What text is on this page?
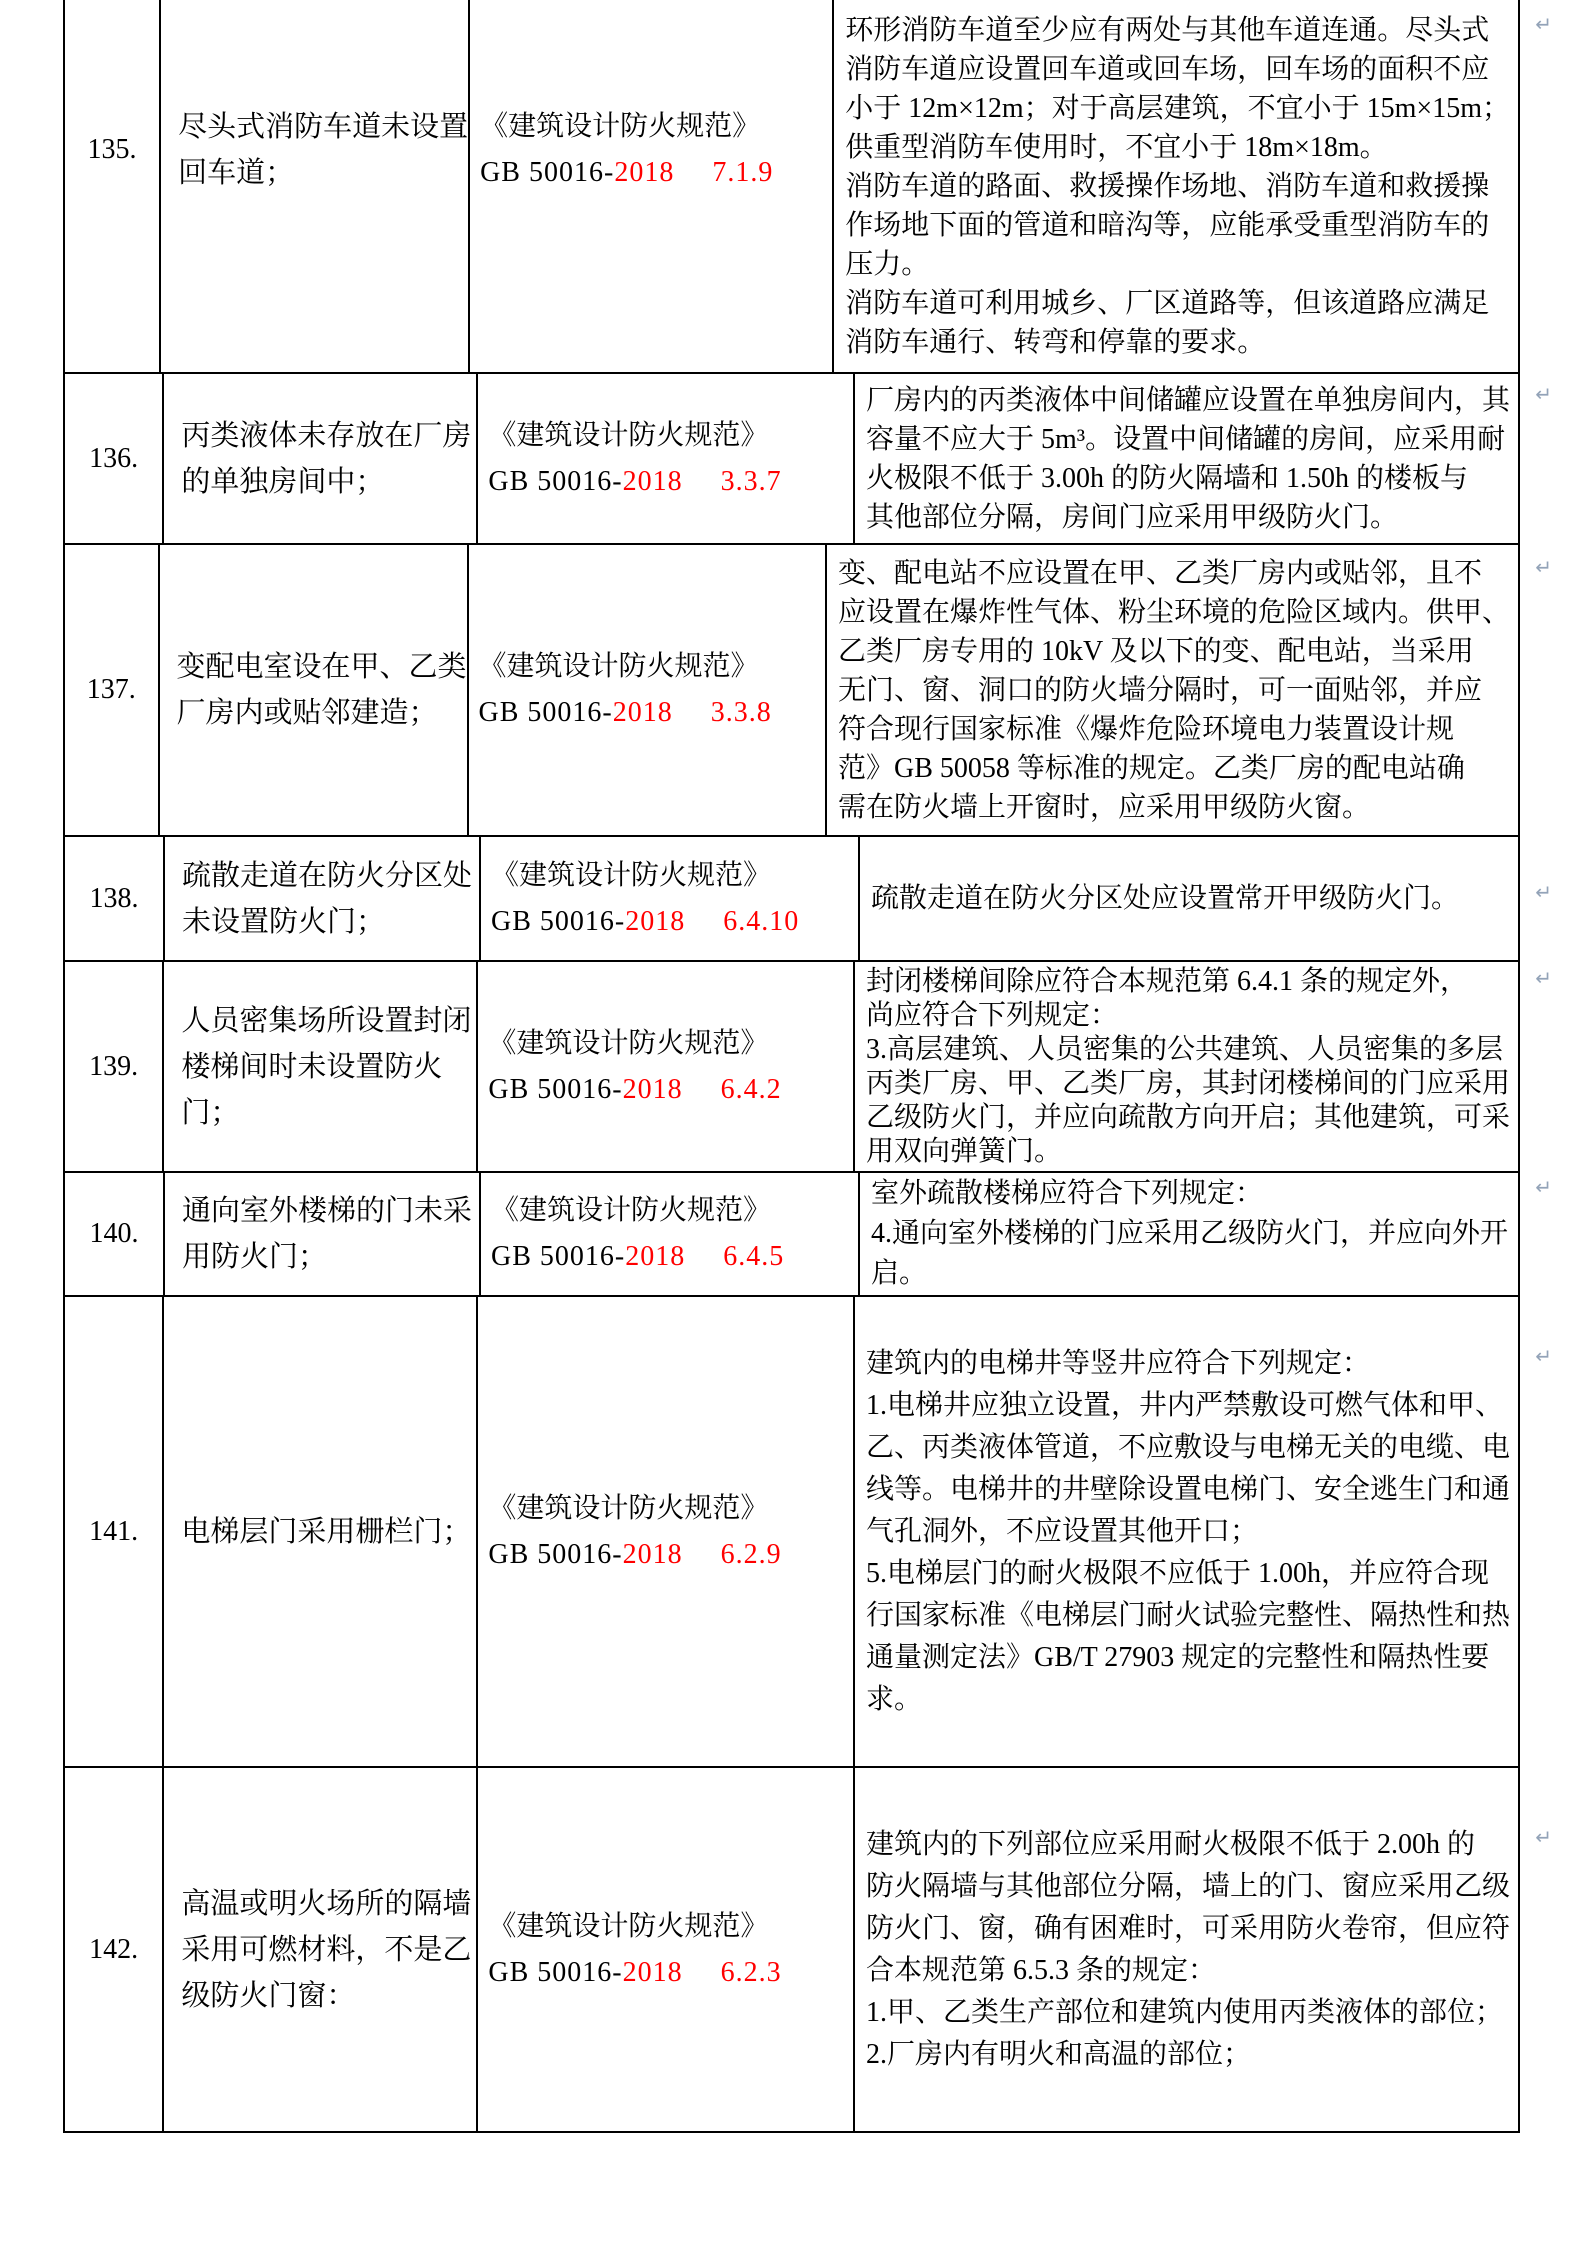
135.
尽头式消防车道未设置
回车道；
《建筑设计防火规范》
GB 50016-2018 7.1.9
环形消防车道至少应有两处与其他车道连通。尽头式
消防车道应设置回车道或回车场，回车场的面积不应
小于 12m×12m；对于高层建筑，不宜小于 15m×15m；
供重型消防车使用时，不宜小于 18m×18m。
消防车道的路面、救援操作场地、消防车道和救援操
作场地下面的管道和暗沟等，应能承受重型消防车的
压力。
消防车道可利用城乡、厂区道路等，但该道路应满足
消防车通行、转弯和停靠的要求。
↵
136.
丙类液体未存放在厂房
的单独房间中；
《建筑设计防火规范》
GB 50016-2018 3.3.7
厂房内的丙类液体中间储罐应设置在单独房间内，其
容量不应大于 5m³。设置中间储罐的房间，应采用耐
火极限不低于 3.00h 的防火隔墙和 1.50h 的楼板与
其他部位分隔，房间门应采用甲级防火门。
↵
137.
变配电室设在甲、乙类
厂房内或贴邻建造；
《建筑设计防火规范》
GB 50016-2018 3.3.8
变、配电站不应设置在甲、乙类厂房内或贴邻，且不
应设置在爆炸性气体、粉尘环境的危险区域内。供甲、
乙类厂房专用的 10kV 及以下的变、配电站，当采用
无门、窗、洞口的防火墙分隔时，可一面贴邻，并应
符合现行国家标准《爆炸危险环境电力装置设计规
范》GB 50058 等标准的规定。乙类厂房的配电站确
需在防火墙上开窗时，应采用甲级防火窗。
↵
138.
疏散走道在防火分区处
未设置防火门；
《建筑设计防火规范》
GB 50016-2018 6.4.10
疏散走道在防火分区处应设置常开甲级防火门。	↵
139.
人员密集场所设置封闭
楼梯间时未设置防火
门；
《建筑设计防火规范》
GB 50016-2018 6.4.2
封闭楼梯间除应符合本规范第 6.4.1 条的规定外，
尚应符合下列规定：
3.高层建筑、人员密集的公共建筑、人员密集的多层
丙类厂房、甲、乙类厂房，其封闭楼梯间的门应采用
乙级防火门，并应向疏散方向开启；其他建筑，可采
用双向弹簧门。
↵
140.
通向室外楼梯的门未采
用防火门；
《建筑设计防火规范》
GB 50016-2018 6.4.5
室外疏散楼梯应符合下列规定：
4.通向室外楼梯的门应采用乙级防火门，并应向外开
启。
↵
141.	电梯层门采用栅栏门；
《建筑设计防火规范》
GB 50016-2018 6.2.9
建筑内的电梯井等竖井应符合下列规定：
1.电梯井应独立设置，井内严禁敷设可燃气体和甲、
乙、丙类液体管道，不应敷设与电梯无关的电缆、电
线等。电梯井的井壁除设置电梯门、安全逃生门和通
气孔洞外，不应设置其他开口；
5.电梯层门的耐火极限不应低于 1.00h，并应符合现
行国家标准《电梯层门耐火试验完整性、隔热性和热
通量测定法》GB/T 27903 规定的完整性和隔热性要
求。
↵
142.
高温或明火场所的隔墙
采用可燃材料，不是乙
级防火门窗：
《建筑设计防火规范》
GB 50016-2018 6.2.3
建筑内的下列部位应采用耐火极限不低于 2.00h 的
防火隔墙与其他部位分隔，墙上的门、窗应采用乙级
防火门、窗，确有困难时，可采用防火卷帘，但应符
合本规范第 6.5.3 条的规定：
1.甲、乙类生产部位和建筑内使用丙类液体的部位；
2.厂房内有明火和高温的部位；
↵
